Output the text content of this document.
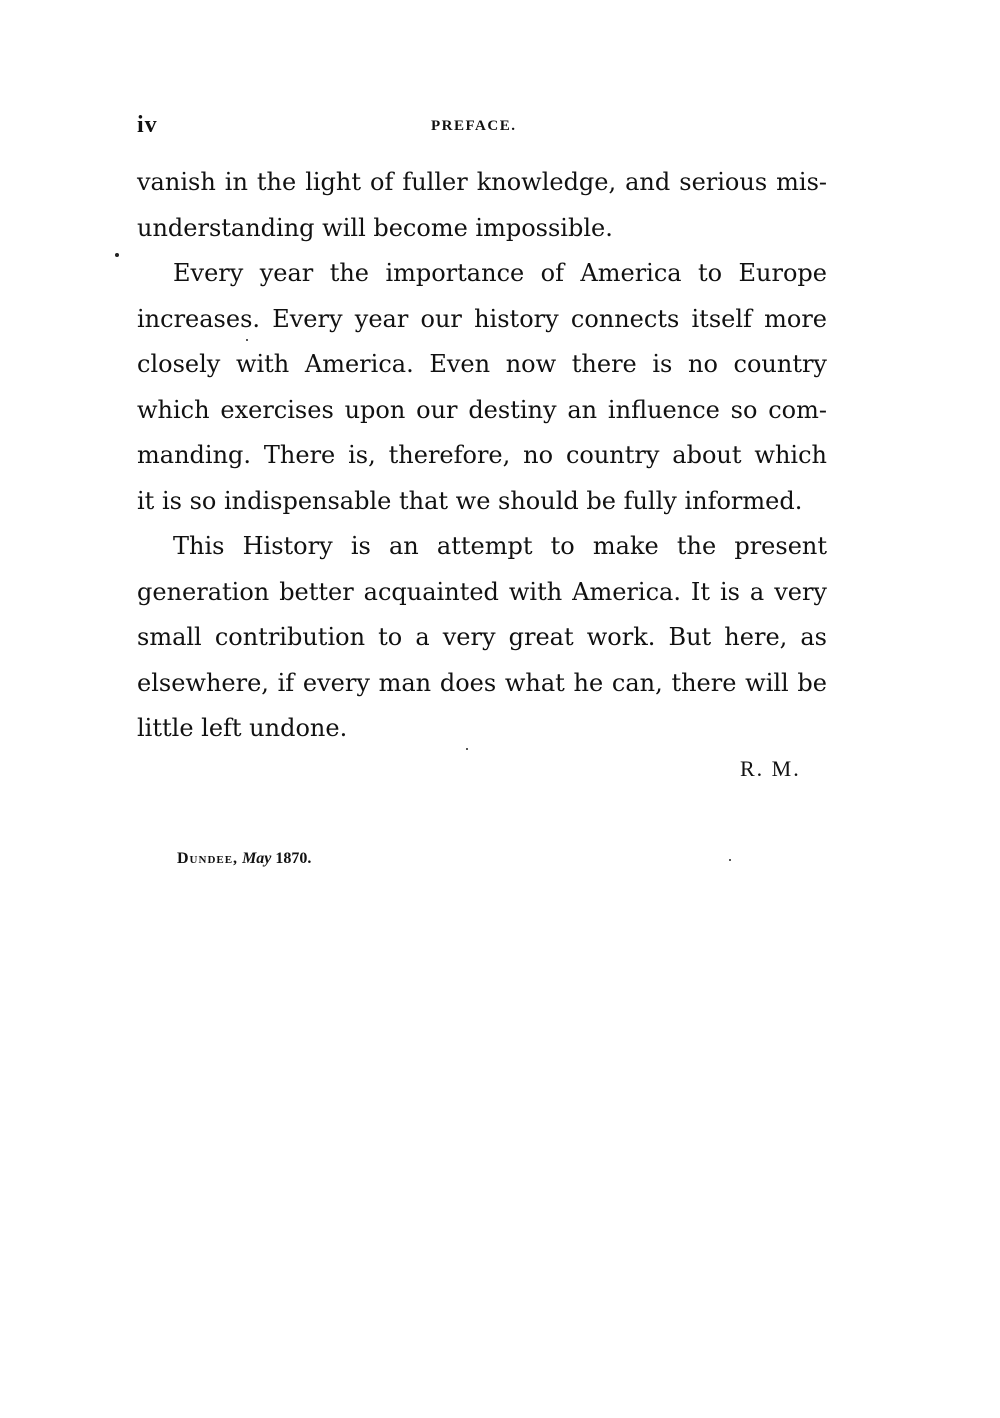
iv	PREFACE.
vanish in the light of fuller knowledge, and serious mis-
understanding will become impossible.
Every year the importance of America to Europe
increases. Every year our history connects itself more
closely with America. Even now there is no country
which exercises upon our destiny an influence so com-
manding. There is, therefore, no country about which
it is so indispensable that we should be fully informed.
This History is an attempt to make the present
generation better acquainted with America. It is a very
small contribution to a very great work. But here, as
elsewhere, if every man does what he can, there will be
little left undone.
R. M.
Dundee, May 1870.
